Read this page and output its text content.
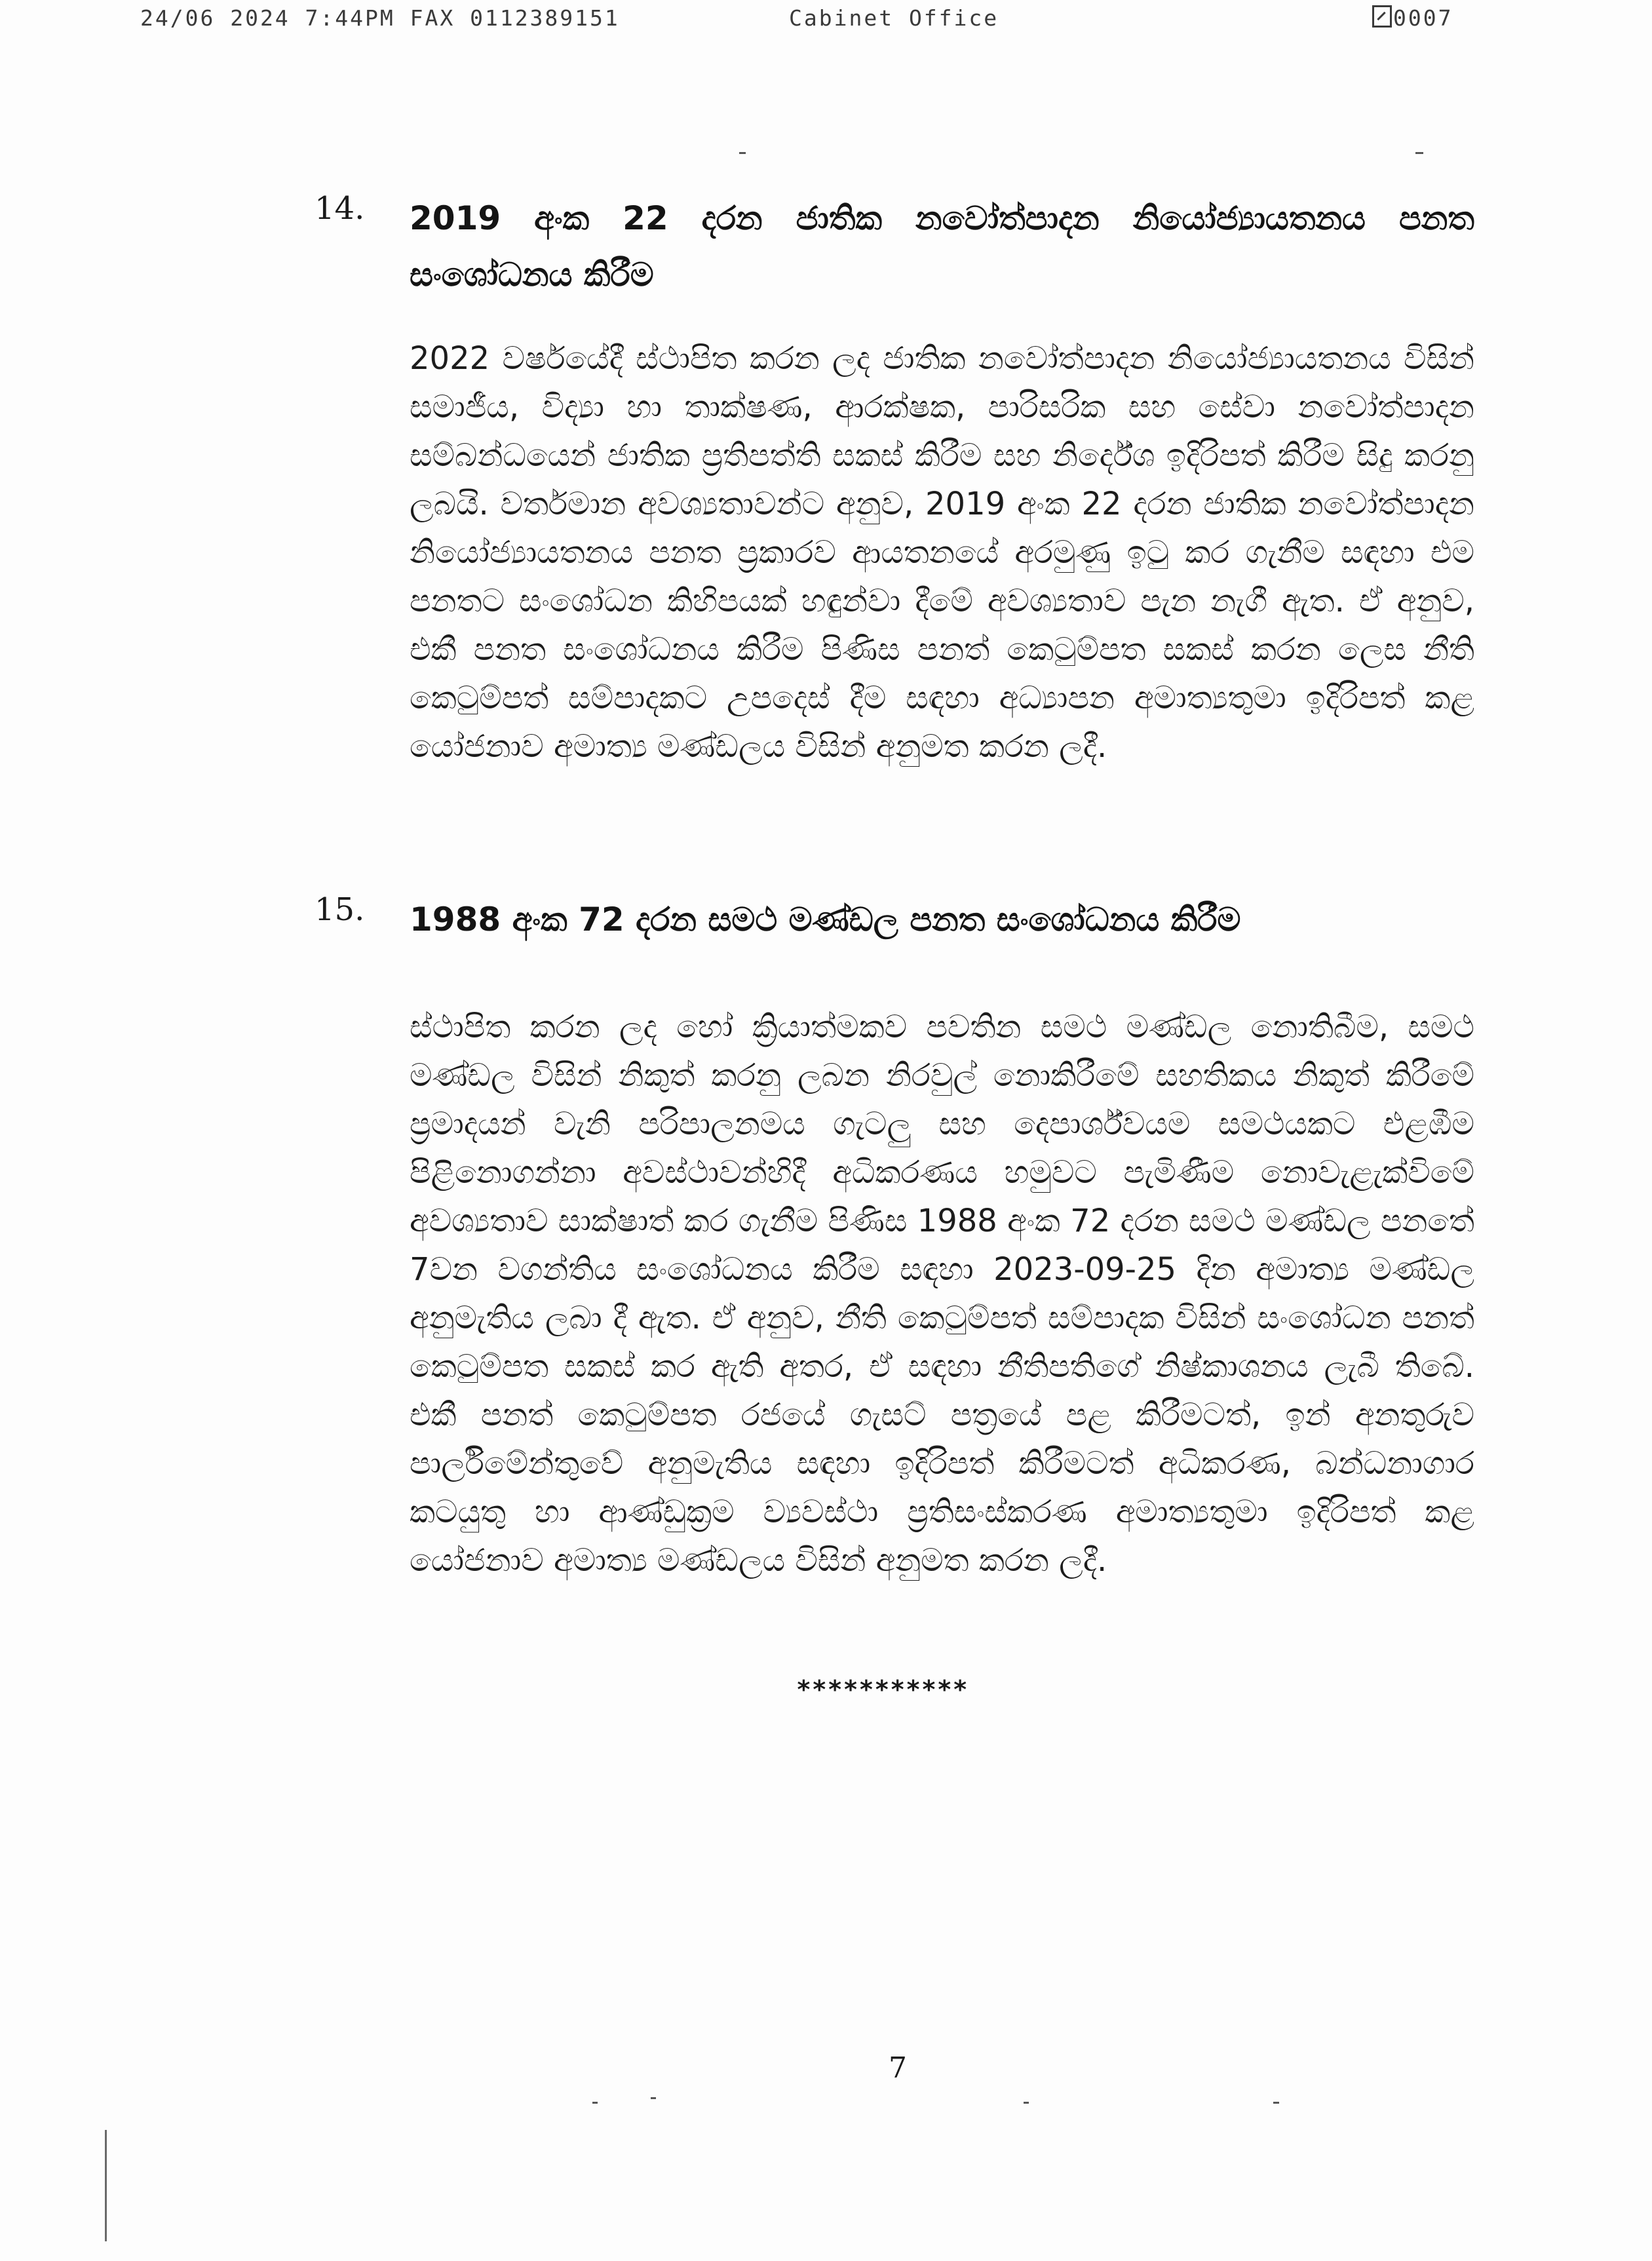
24/06 2024 7:44PM FAX 0112389151	Cabinet Office	0007
14. 2019 අංක 22 දරන ජාතික නවෝත්පාදන නියෝජ්‍යායතනය පනත සංශෝධනය කිරීම
2022 වර්ෂයේදී ස්ථාපිත කරන ලද ජාතික නවෝත්පාදන නියෝජ්‍යායතනය විසින් සමාජීය, විද්‍යා හා තාක්ෂණ, ආරක්ෂක, පාරිසරික සහ සේවා නවෝත්පාදන සම්බන්ධයෙන් ජාතික ප්‍රතිපත්ති සකස් කිරීම සහ නිර්දේශ ඉදිරිපත් කිරීම සිදු කරනු ලබයි. වර්තමාන අවශ්‍යතාවන්ට අනුව, 2019 අංක 22 දරන ජාතික නවෝත්පාදන නියෝජ්‍යායතනය පනත ප්‍රකාරව ආයතනයේ අරමුණු ඉටු කර ගැනීම සඳහා එම පනතට සංශෝධන කිහිපයක් හඳුන්වා දීමේ අවශ්‍යතාව පැන නැගී ඇත. ඒ අනුව, එකී පනත සංශෝධනය කිරීම පිණිස පනත් කෙටුම්පත සකස් කරන ලෙස නීති කෙටුම්පත් සම්පාදකට උපදෙස් දීම සඳහා අධ්‍යාපන අමාත්‍යතුමා ඉදිරිපත් කළ යෝජනාව අමාත්‍ය මණ්ඩලය විසින් අනුමත කරන ලදී.
15. 1988 අංක 72 දරන සමථ මණ්ඩල පනත සංශෝධනය කිරීම
ස්ථාපිත කරන ලද හෝ ක්‍රියාත්මකව පවතින සමථ මණ්ඩල නොතිබීම, සමථ මණ්ඩල විසින් නිකුත් කරනු ලබන නිරවුල් නොකිරීමේ සහතිකය නිකුත් කිරීමේ ප්‍රමාදයන් වැනි පරිපාලනමය ගැටලු සහ දෙපාර්ශ්වයම සමථයකට එළඹීම පිළිනොගන්නා අවස්ථාවන්හිදී අධිකරණය හමුවට පැමිණීම නොවැළැක්විමේ අවශ්‍යතාව සාක්ෂාත් කර ගැනීම පිණිස 1988 අංක 72 දරන සමථ මණ්ඩල පනතේ 7වන වගන්තිය සංශෝධනය කිරීම සඳහා 2023-09-25 දින අමාත්‍ය මණ්ඩල අනුමැතිය ලබා දී ඇත. ඒ අනුව, නීති කෙටුම්පත් සම්පාදක විසින් සංශෝධන පනත් කෙටුම්පත සකස් කර ඇති අතර, ඒ සඳහා නීතිපතිගේ නිෂ්කාශනය ලැබී තිබේ. එකී පනත් කෙටුම්පත රජයේ ගැසට් පත්‍රයේ පළ කිරීමටත්, ඉන් අනතුරුව පාර්ලිමේන්තුවේ අනුමැතිය සඳහා ඉදිරිපත් කිරීමටත් අධිකරණ, බන්ධනාගාර කටයුතු හා ආණ්ඩුක්‍රම ව්‍යවස්ථා ප්‍රතිසංස්කරණ අමාත්‍යතුමා ඉදිරිපත් කළ යෝජනාව අමාත්‍ය මණ්ඩලය විසින් අනුමත කරන ලදී.
***********
7
